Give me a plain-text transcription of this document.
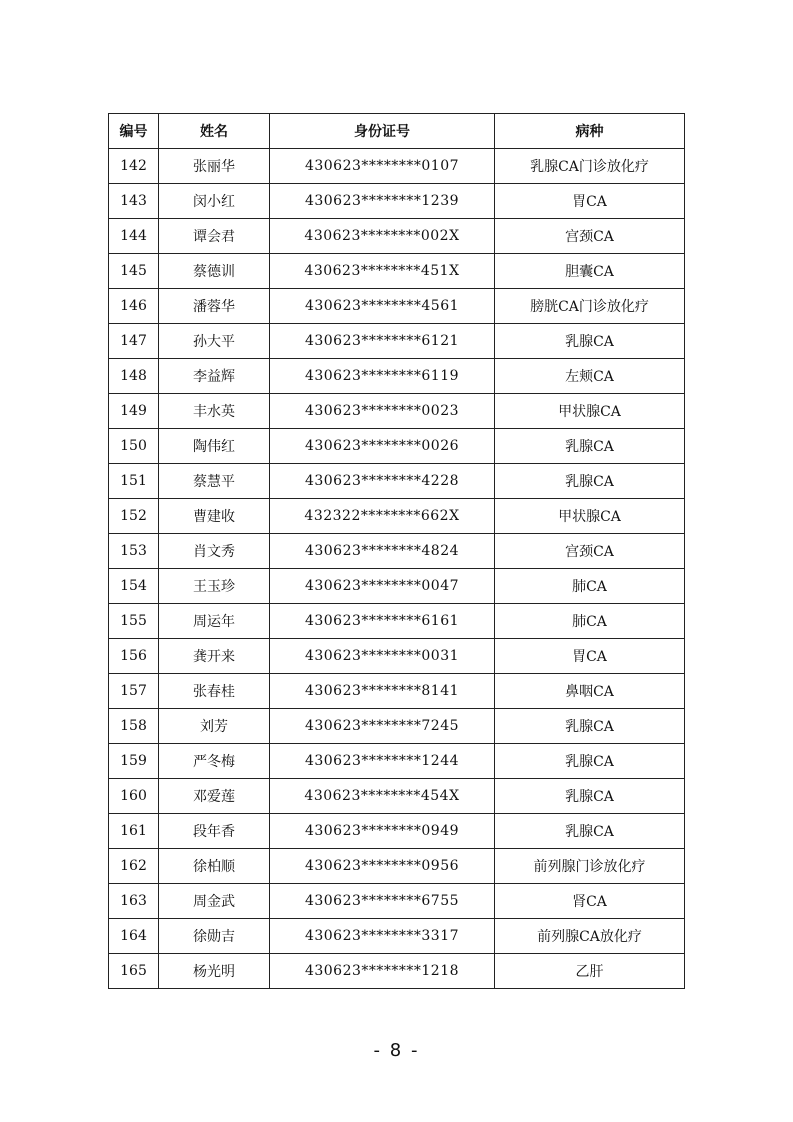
编号	姓名	身份证号	病种
142	张丽华	430623********0107	乳腺CA门诊放化疗
143	闵小红	430623********1239	胃CA
144	谭会君	430623********002X	宫颈CA
145	蔡德训	430623********451X	胆囊CA
146	潘蓉华	430623********4561	膀胱CA门诊放化疗
147	孙大平	430623********6121	乳腺CA
148	李益辉	430623********6119	左颊CA
149	丰水英	430623********0023	甲状腺CA
150	陶伟红	430623********0026	乳腺CA
151	蔡慧平	430623********4228	乳腺CA
152	曹建收	432322********662X	甲状腺CA
153	肖文秀	430623********4824	宫颈CA
154	王玉珍	430623********0047	肺CA
155	周运年	430623********6161	肺CA
156	龚开来	430623********0031	胃CA
157	张春桂	430623********8141	鼻咽CA
158	刘芳	430623********7245	乳腺CA
159	严冬梅	430623********1244	乳腺CA
160	邓爱莲	430623********454X	乳腺CA
161	段年香	430623********0949	乳腺CA
162	徐柏顺	430623********0956	前列腺门诊放化疗
163	周金武	430623********6755	肾CA
164	徐勋吉	430623********3317	前列腺CA放化疗
165	杨光明	430623********1218	乙肝
- 8 -
